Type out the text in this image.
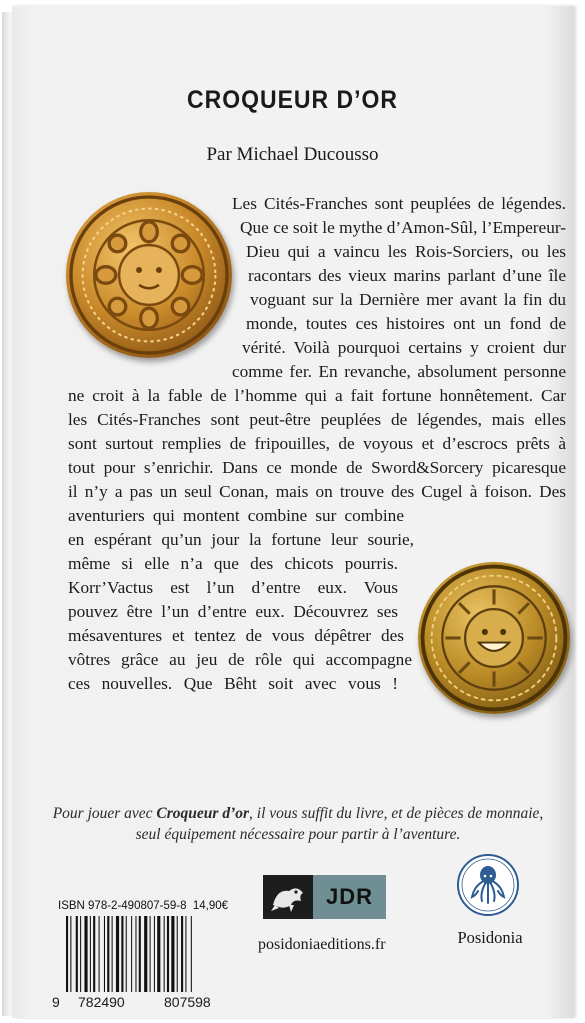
CROQUEUR D’OR
Par Michael Ducousso
Les Cités-Franches sont peuplées de légendes.
Que ce soit le mythe d’Amon-Sûl, l’Empereur-
Dieu qui a vaincu les Rois-Sorciers, ou les
racontars des vieux marins parlant d’une île
voguant sur la Dernière mer avant la fin du
monde, toutes ces histoires ont un fond de
vérité. Voilà pourquoi certains y croient dur
comme fer. En revanche, absolument personne
ne croit à la fable de l’homme qui a fait fortune honnêtement. Car
les Cités-Franches sont peut-être peuplées de légendes, mais elles
sont surtout remplies de fripouilles, de voyous et d’escrocs prêts à
tout pour s’enrichir. Dans ce monde de Sword&Sorcery picaresque
il n’y a pas un seul Conan, mais on trouve des Cugel à foison. Des
aventuriers qui montent combine sur combine
en espérant qu’un jour la fortune leur sourie,
même si elle n’a que des chicots pourris.
Korr’Vactus est l’un d’entre eux. Vous
pouvez être l’un d’entre eux. Découvrez ses
mésaventures et tentez de vous dépêtrer des
vôtres grâce au jeu de rôle qui accompagne
ces nouvelles. Que Bêht soit avec vous !
Pour jouer avec Croqueur d’or, il vous suffit du livre, et de pièces de monnaie,
seul équipement nécessaire pour partir à l’aventure.
ISBN 978-2-490807-59-8 14,90€
9 782490	807598
JDR
posidoniaeditions.fr	Posidonia
